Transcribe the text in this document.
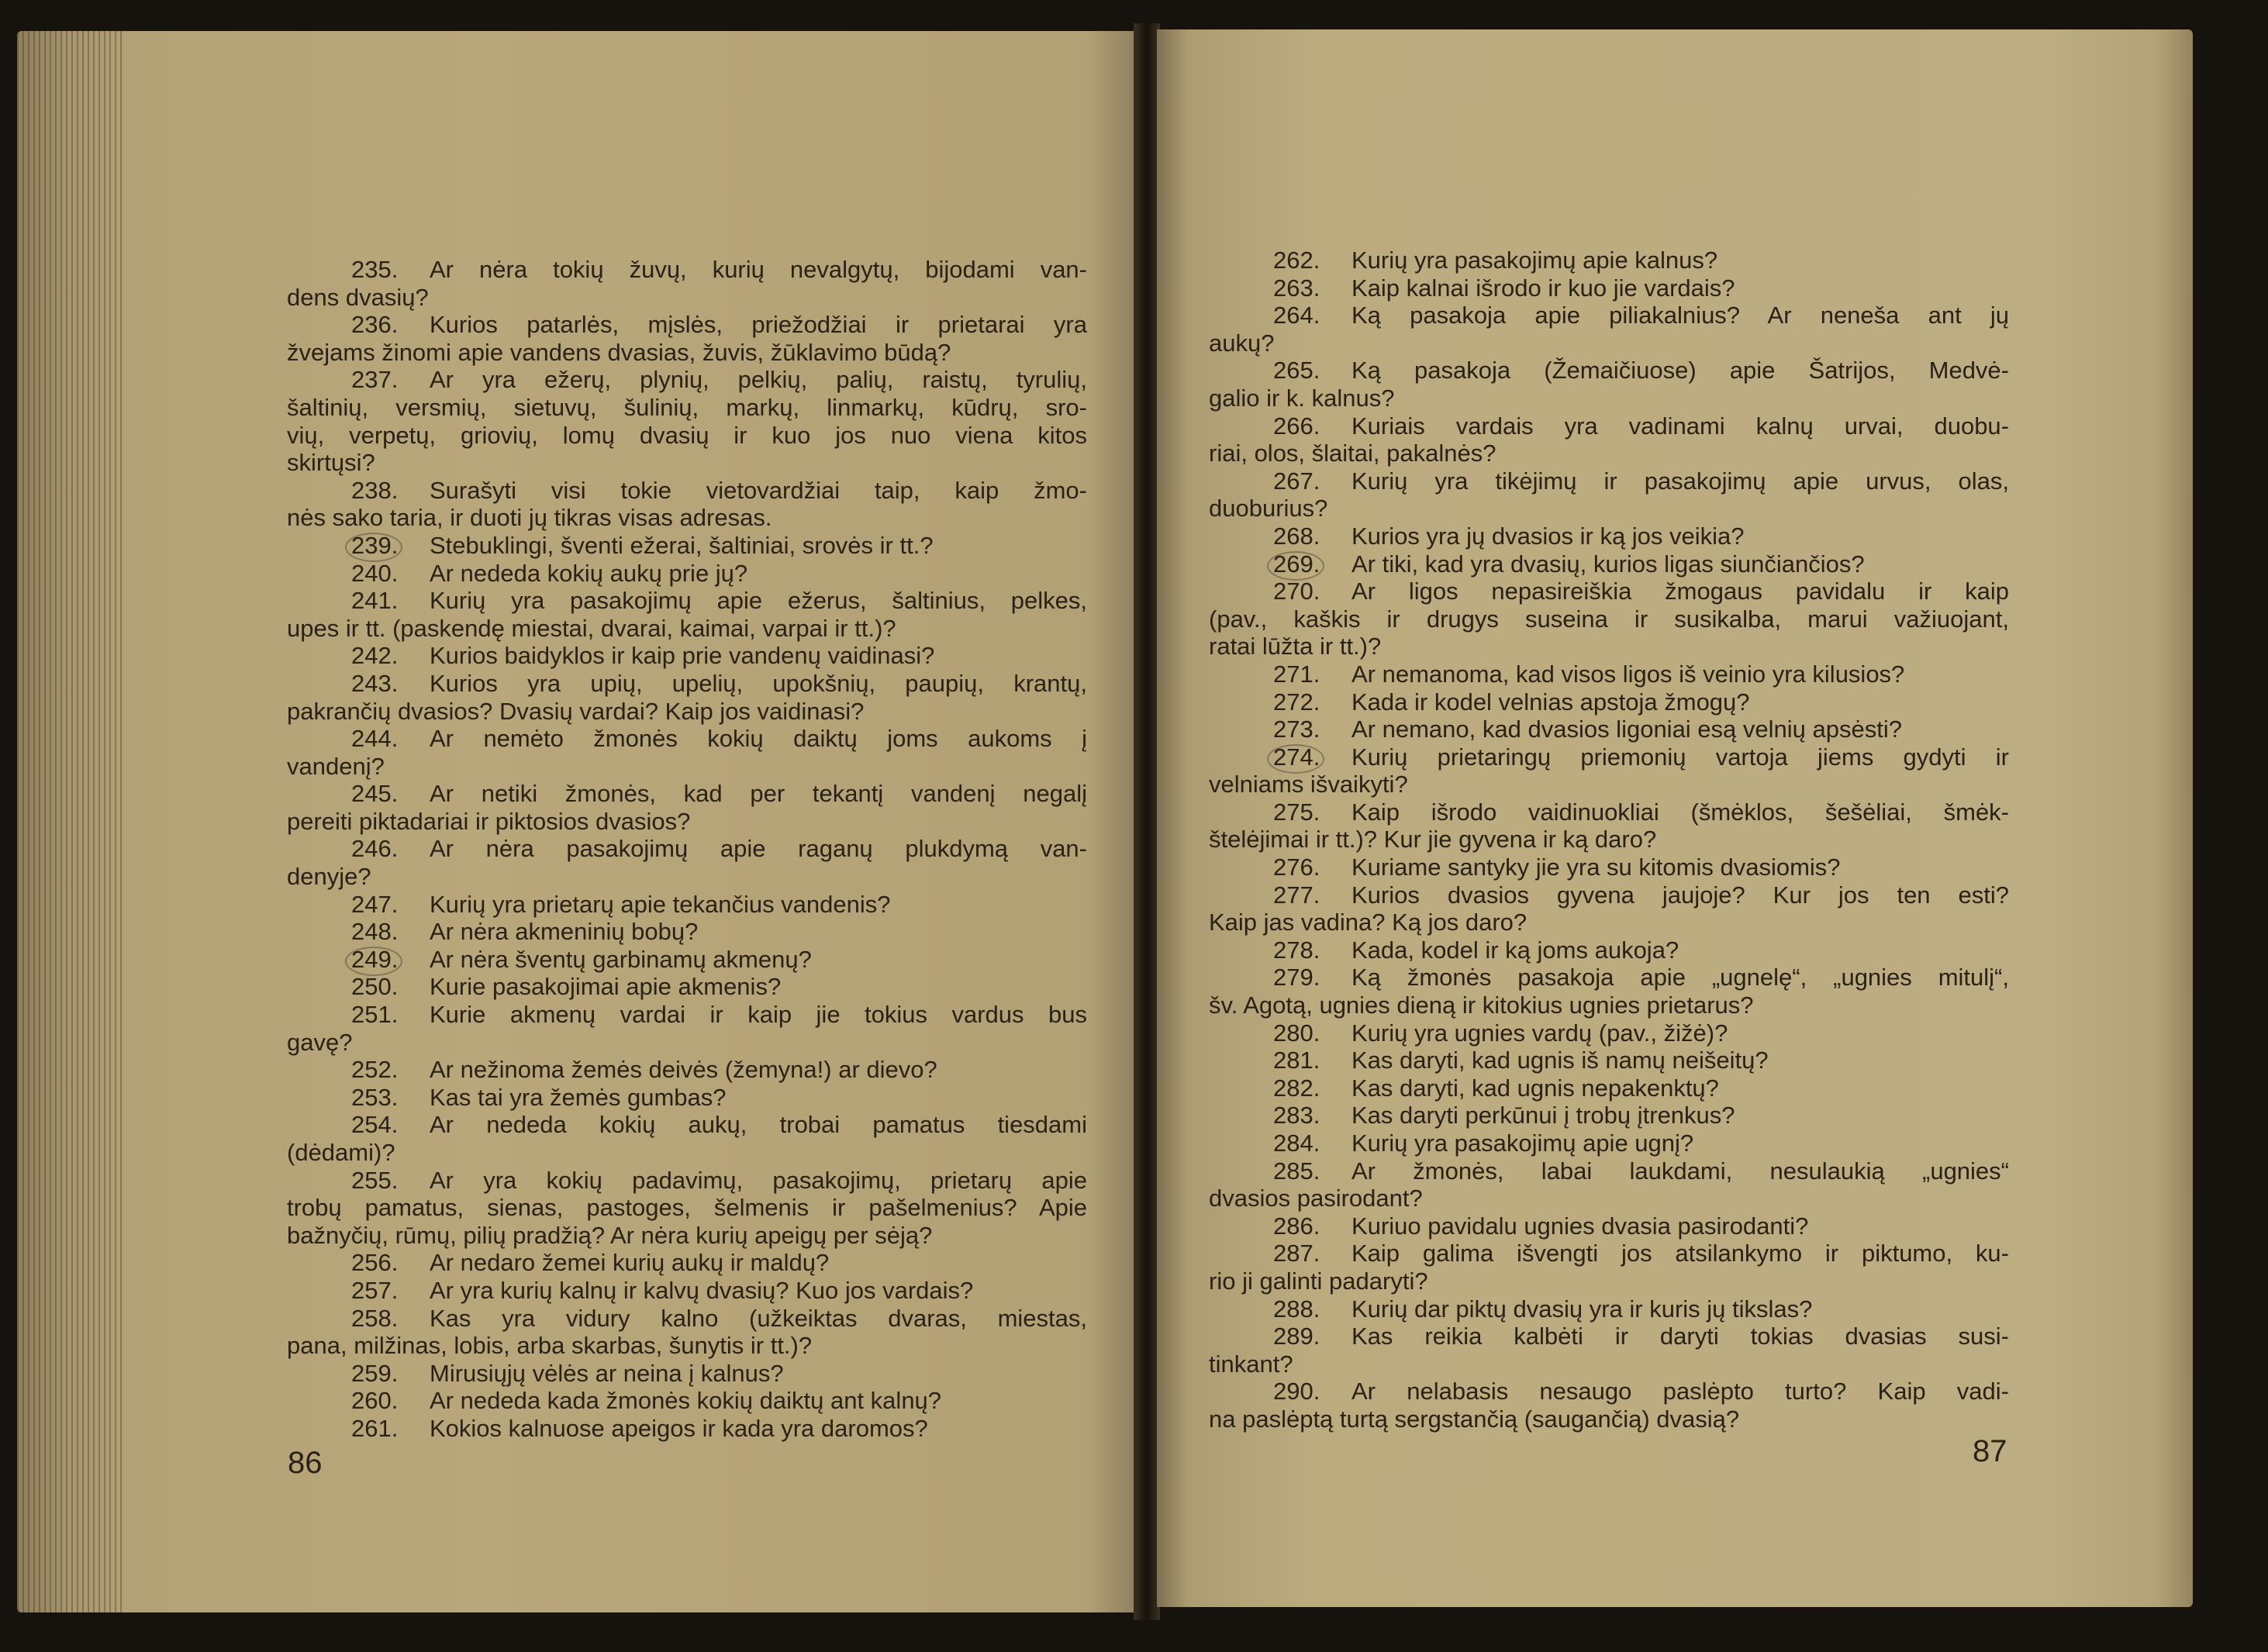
235. Ar nėra tokių žuvų, kurių nevalgytų, bijodami van-
dens dvasių?
236. Kurios patarlės, mįslės, priežodžiai ir prietarai yra
žvejams žinomi apie vandens dvasias, žuvis, žūklavimo būdą?
237. Ar yra ežerų, plynių, pelkių, palių, raistų, tyrulių,
šaltinių, versmių, sietuvų, šulinių, markų, linmarkų, kūdrų, sro-
vių, verpetų, griovių, lomų dvasių ir kuo jos nuo viena kitos
skirtųsi?
238. Surašyti visi tokie vietovardžiai taip, kaip žmo-
nės sako taria, ir duoti jų tikras visas adresas.
239. Stebuklingi, šventi ežerai, šaltiniai, srovės ir tt.?
240. Ar nededa kokių aukų prie jų?
241. Kurių yra pasakojimų apie ežerus, šaltinius, pelkes,
upes ir tt. (paskendę miestai, dvarai, kaimai, varpai ir tt.)?
242. Kurios baidyklos ir kaip prie vandenų vaidinasi?
243. Kurios yra upių, upelių, upokšnių, paupių, krantų,
pakrančių dvasios? Dvasių vardai? Kaip jos vaidinasi?
244. Ar nemėto žmonės kokių daiktų joms aukoms į
vandenį?
245. Ar netiki žmonės, kad per tekantį vandenį negalį
pereiti piktadariai ir piktosios dvasios?
246. Ar nėra pasakojimų apie raganų plukdymą van-
denyje?
247. Kurių yra prietarų apie tekančius vandenis?
248. Ar nėra akmeninių bobų?
249. Ar nėra šventų garbinamų akmenų?
250. Kurie pasakojimai apie akmenis?
251. Kurie akmenų vardai ir kaip jie tokius vardus bus
gavę?
252. Ar nežinoma žemės deivės (žemyna!) ar dievo?
253. Kas tai yra žemės gumbas?
254. Ar nededa kokių aukų, trobai pamatus tiesdami
(dėdami)?
255. Ar yra kokių padavimų, pasakojimų, prietarų apie
trobų pamatus, sienas, pastoges, šelmenis ir pašelmenius? Apie
bažnyčių, rūmų, pilių pradžią? Ar nėra kurių apeigų per sėją?
256. Ar nedaro žemei kurių aukų ir maldų?
257. Ar yra kurių kalnų ir kalvų dvasių? Kuo jos vardais?
258. Kas yra vidury kalno (užkeiktas dvaras, miestas,
pana, milžinas, lobis, arba skarbas, šunytis ir tt.)?
259. Mirusiųjų vėlės ar neina į kalnus?
260. Ar nededa kada žmonės kokių daiktų ant kalnų?
261. Kokios kalnuose apeigos ir kada yra daromos?
86
262. Kurių yra pasakojimų apie kalnus?
263. Kaip kalnai išrodo ir kuo jie vardais?
264. Ką pasakoja apie piliakalnius? Ar neneša ant jų
aukų?
265. Ką pasakoja (Žemaičiuose) apie Šatrijos, Medvė-
galio ir k. kalnus?
266. Kuriais vardais yra vadinami kalnų urvai, duobu-
riai, olos, šlaitai, pakalnės?
267. Kurių yra tikėjimų ir pasakojimų apie urvus, olas,
duoburius?
268. Kurios yra jų dvasios ir ką jos veikia?
269. Ar tiki, kad yra dvasių, kurios ligas siunčiančios?
270. Ar ligos nepasireiškia žmogaus pavidalu ir kaip
(pav., kaškis ir drugys suseina ir susikalba, marui važiuojant,
ratai lūžta ir tt.)?
271. Ar nemanoma, kad visos ligos iš veinio yra kilusios?
272. Kada ir kodel velnias apstoja žmogų?
273. Ar nemano, kad dvasios ligoniai esą velnių apsėsti?
274. Kurių prietaringų priemonių vartoja jiems gydyti ir
velniams išvaikyti?
275. Kaip išrodo vaidinuokliai (šmėklos, šešėliai, šmėk-
štelėjimai ir tt.)? Kur jie gyvena ir ką daro?
276. Kuriame santyky jie yra su kitomis dvasiomis?
277. Kurios dvasios gyvena jaujoje? Kur jos ten esti?
Kaip jas vadina? Ką jos daro?
278. Kada, kodel ir ką joms aukoja?
279. Ką žmonės pasakoja apie „ugnelę“, „ugnies mitulį“,
šv. Agotą, ugnies dieną ir kitokius ugnies prietarus?
280. Kurių yra ugnies vardų (pav., žižė)?
281. Kas daryti, kad ugnis iš namų neišeitų?
282. Kas daryti, kad ugnis nepakenktų?
283. Kas daryti perkūnui į trobų įtrenkus?
284. Kurių yra pasakojimų apie ugnį?
285. Ar žmonės, labai laukdami, nesulaukią „ugnies“
dvasios pasirodant?
286. Kuriuo pavidalu ugnies dvasia pasirodanti?
287. Kaip galima išvengti jos atsilankymo ir piktumo, ku-
rio ji galinti padaryti?
288. Kurių dar piktų dvasių yra ir kuris jų tikslas?
289. Kas reikia kalbėti ir daryti tokias dvasias susi-
tinkant?
290. Ar nelabasis nesaugo paslėpto turto? Kaip vadi-
na paslėptą turtą sergstančią (saugančią) dvasią?
87
